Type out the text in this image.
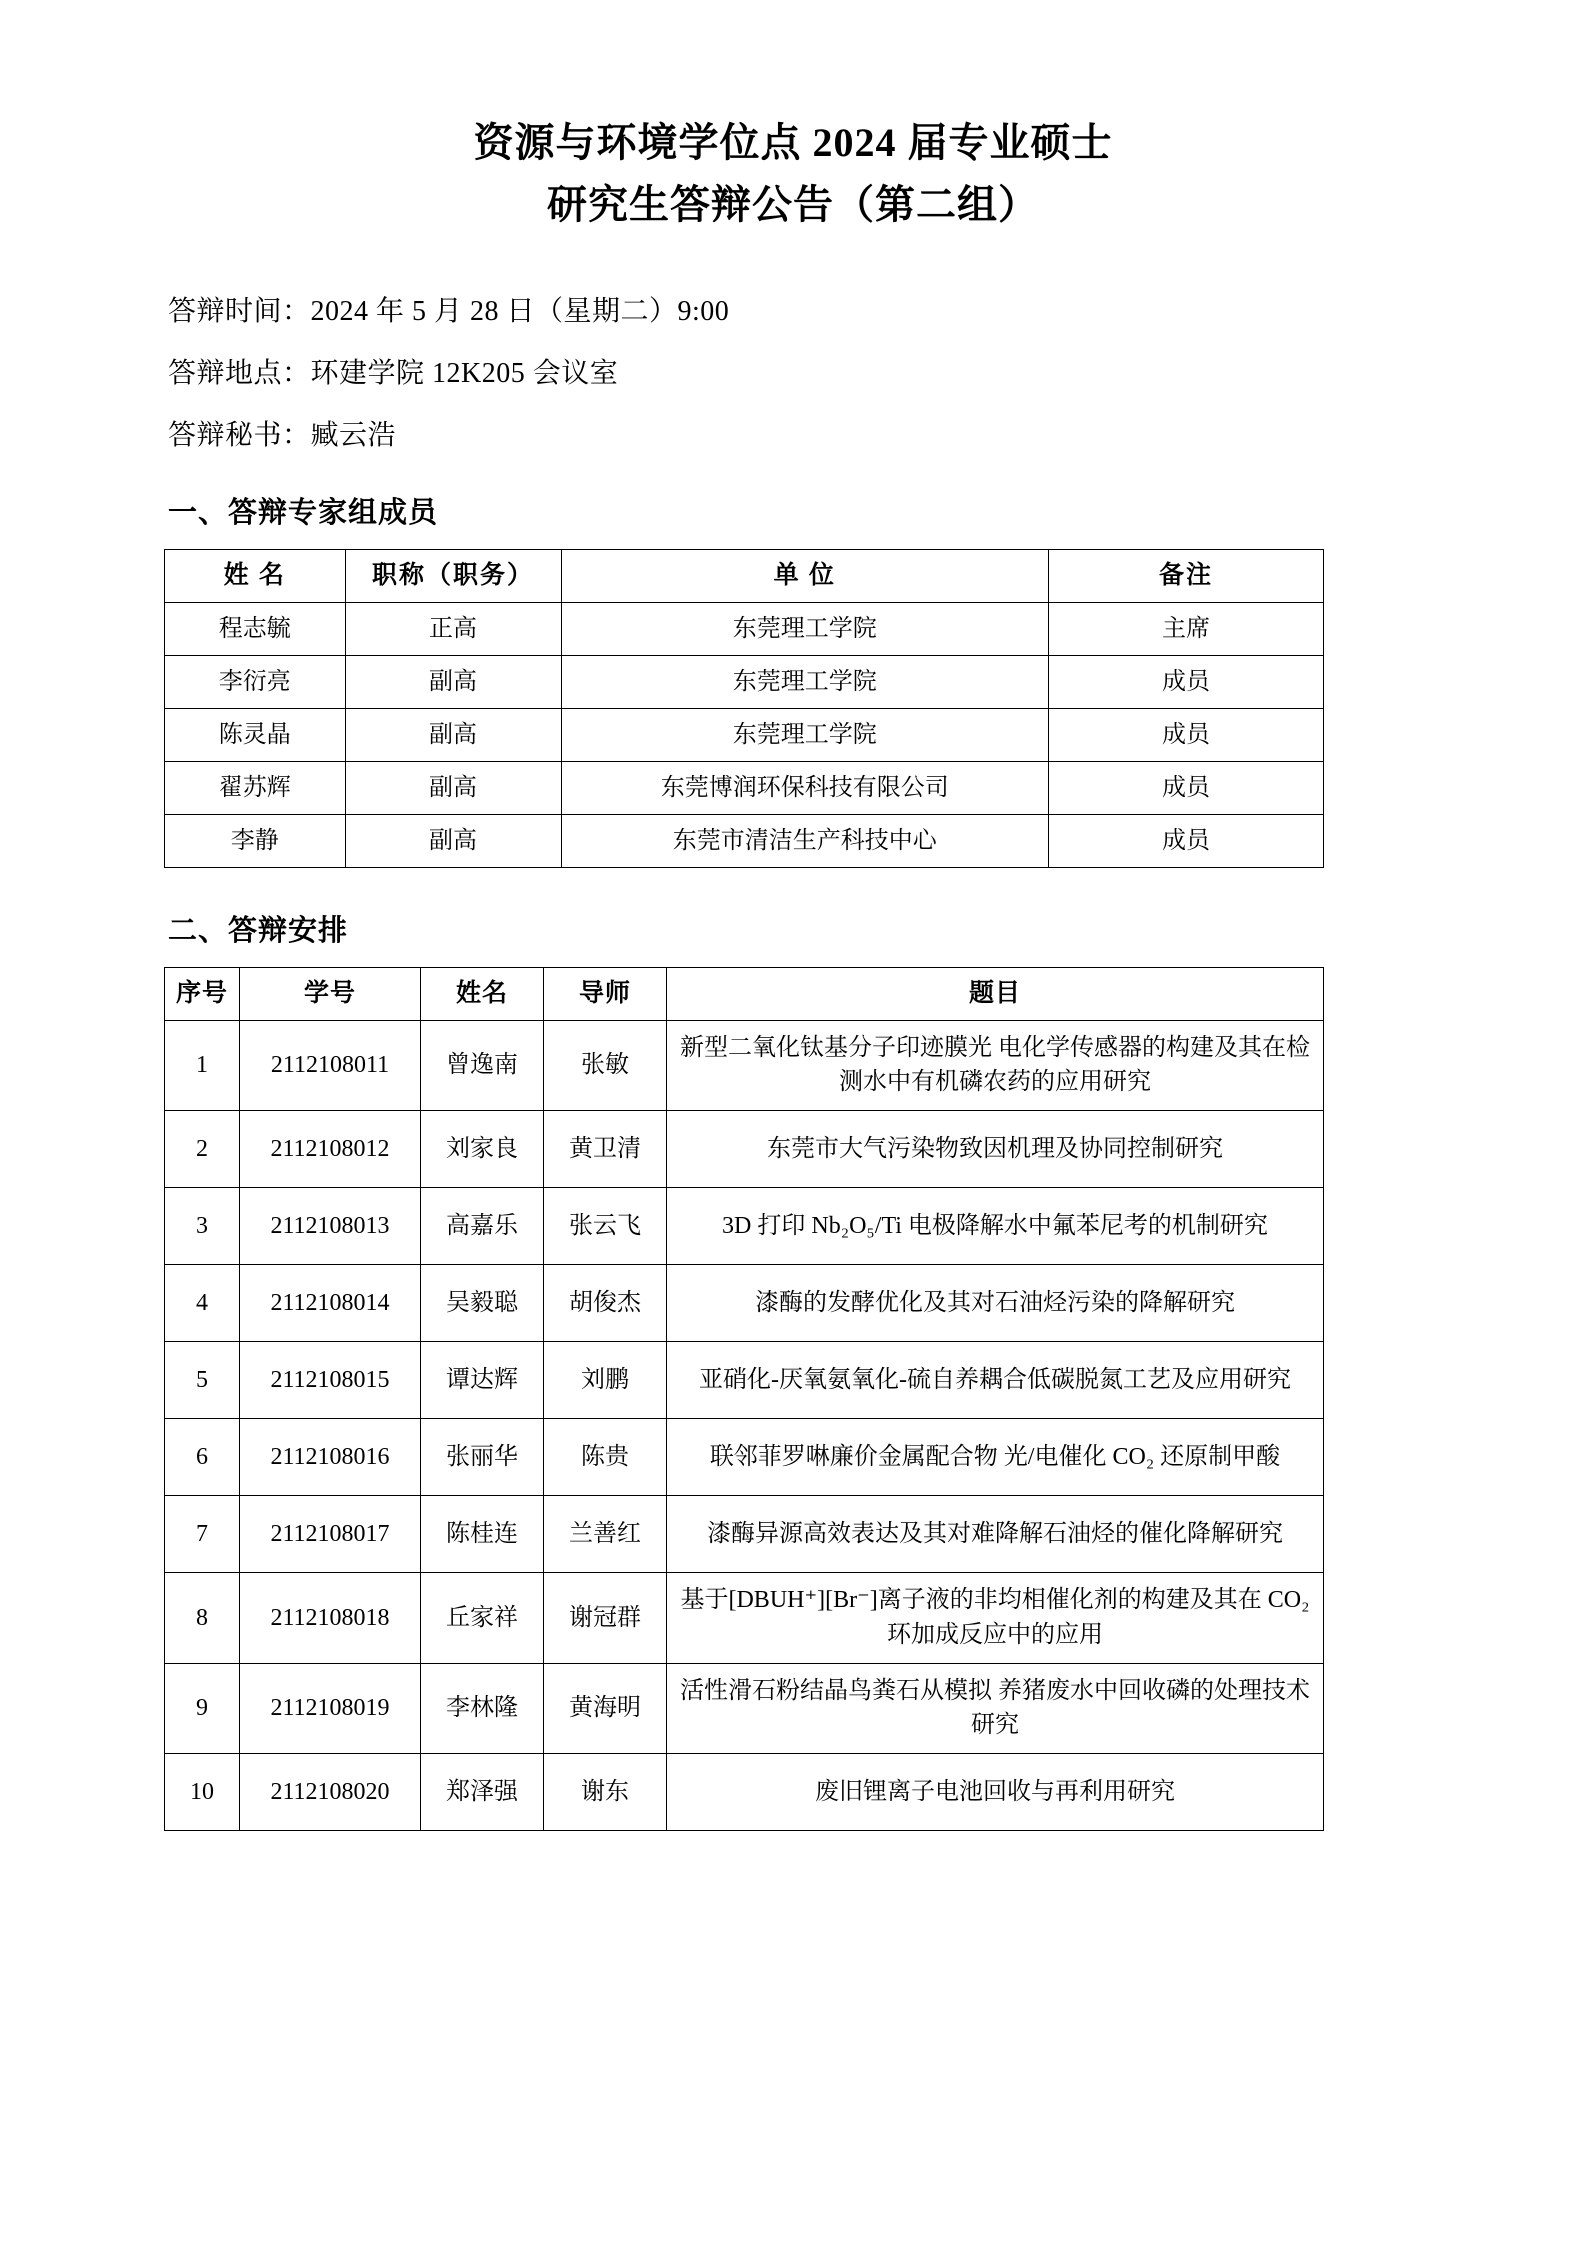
资源与环境学位点 2024 届专业硕士
研究生答辩公告（第二组）
答辩时间：2024 年 5 月 28 日（星期二）9:00
答辩地点：环建学院 12K205 会议室
答辩秘书：臧云浩
一、答辩专家组成员
姓 名	职称（职务）	单 位	备注
程志毓	正高	东莞理工学院	主席
李衍亮	副高	东莞理工学院	成员
陈灵晶	副高	东莞理工学院	成员
翟苏辉	副高	东莞博润环保科技有限公司	成员
李静	副高	东莞市清洁生产科技中心	成员
二、答辩安排
序号	学号	姓名	导师	题目
1	2112108011	曾逸南	张敏	新型二氧化钛基分子印迹膜光 电化学传感器的构建及其在检测水中有机磷农药的应用研究
2	2112108012	刘家良	黄卫清	东莞市大气污染物致因机理及协同控制研究
3	2112108013	高嘉乐	张云飞	3D 打印 Nb₂O₅/Ti 电极降解水中氟苯尼考的机制研究
4	2112108014	吴毅聪	胡俊杰	漆酶的发酵优化及其对石油烃污染的降解研究
5	2112108015	谭达辉	刘鹏	亚硝化-厌氧氨氧化-硫自养耦合低碳脱氮工艺及应用研究
6	2112108016	张丽华	陈贵	联邻菲罗啉廉价金属配合物 光/电催化 CO₂ 还原制甲酸
7	2112108017	陈桂连	兰善红	漆酶异源高效表达及其对难降解石油烃的催化降解研究
8	2112108018	丘家祥	谢冠群	基于[DBUH⁺][Br⁻]离子液的非均相催化剂的构建及其在 CO₂ 环加成反应中的应用
9	2112108019	李林隆	黄海明	活性滑石粉结晶鸟粪石从模拟 养猪废水中回收磷的处理技术研究
10	2112108020	郑泽强	谢东	废旧锂离子电池回收与再利用研究
